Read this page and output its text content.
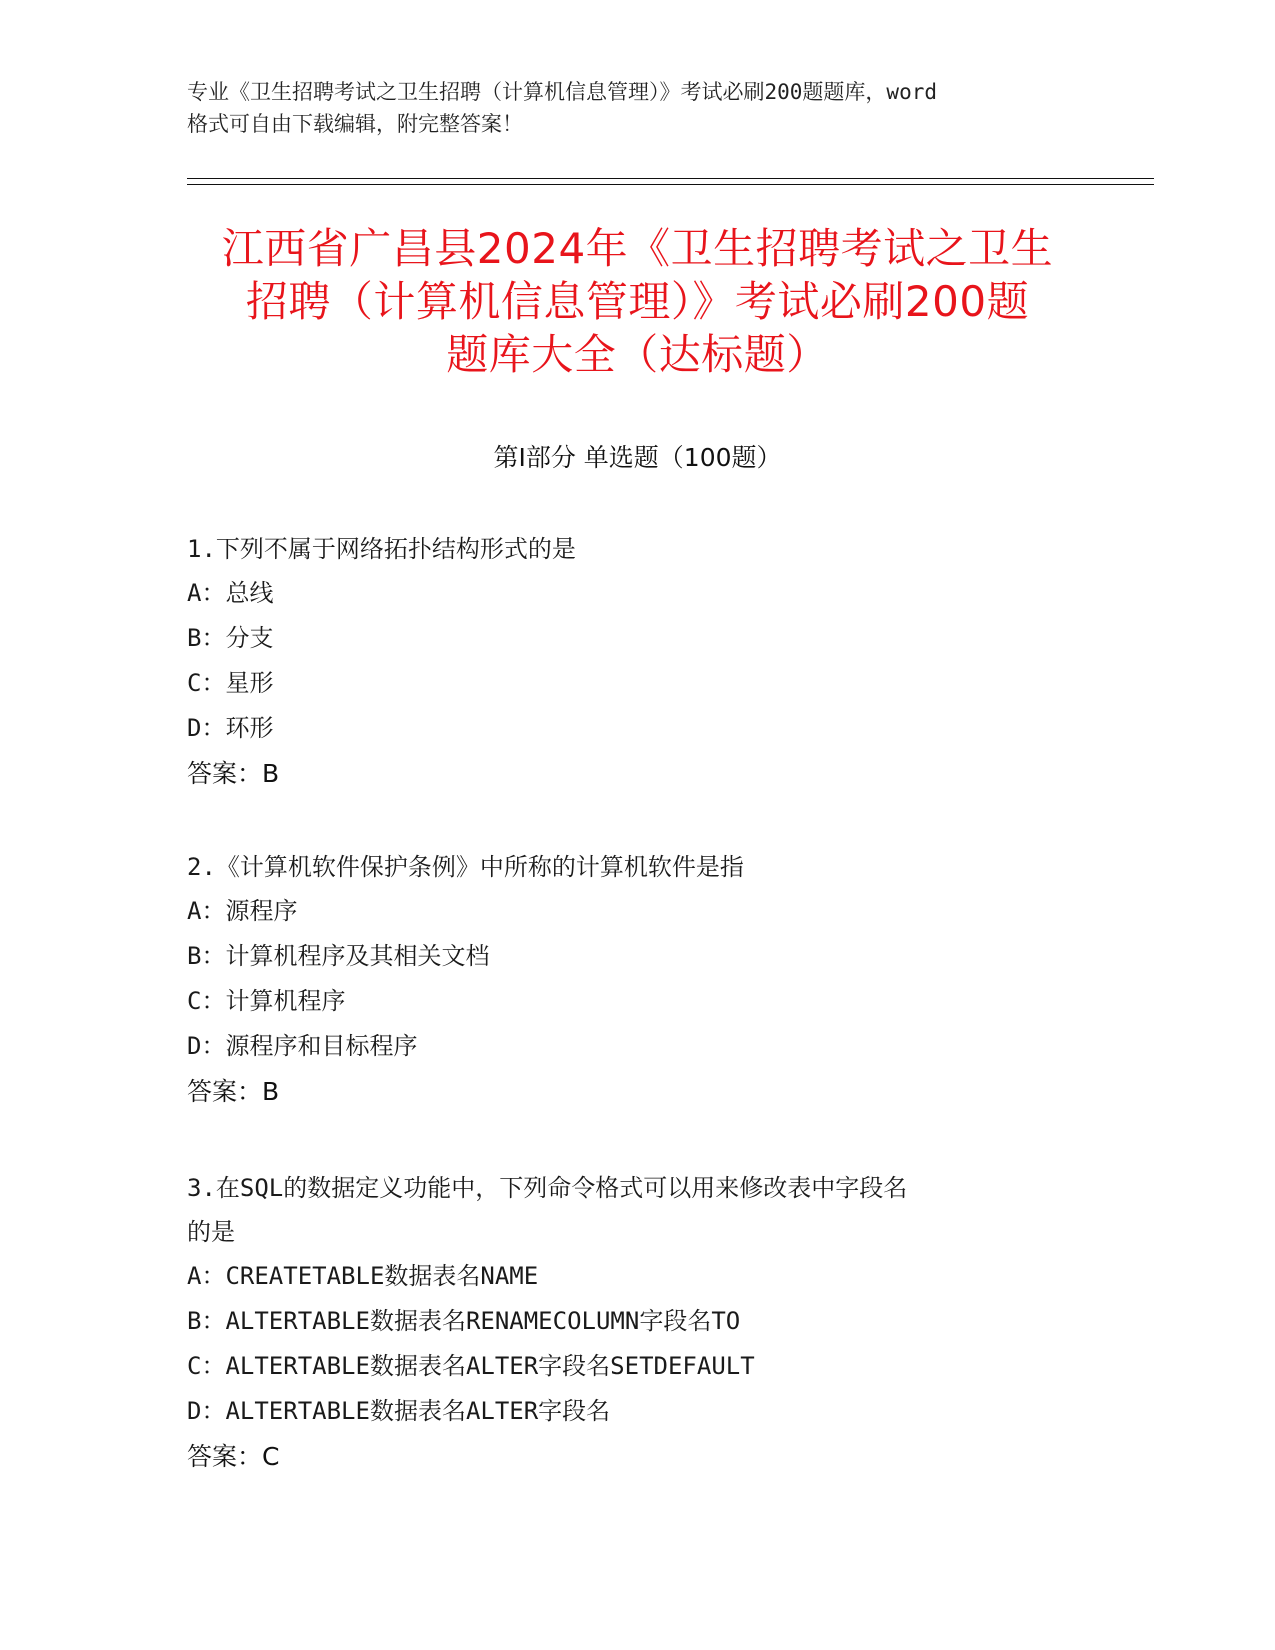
专业《卫生招聘考试之卫生招聘（计算机信息管理）》考试必刷200题题库，word
格式可自由下载编辑，附完整答案！
江西省广昌县2024年《卫生招聘考试之卫生
招聘（计算机信息管理）》考试必刷200题
题库大全（达标题）
第Ⅰ部分 单选题（100题）

1.下列不属于网络拓扑结构形式的是

A：总线

B：分支

C：星形

D：环形

答案：B

2.《计算机软件保护条例》中所称的计算机软件是指

A：源程序

B：计算机程序及其相关文档

C：计算机程序

D：源程序和目标程序

答案：B

3.在SQL的数据定义功能中，下列命令格式可以用来修改表中字段名

的是

A：CREATETABLE数据表名NAME

B：ALTERTABLE数据表名RENAMECOLUMN字段名TO

C：ALTERTABLE数据表名ALTER字段名SETDEFAULT

D：ALTERTABLE数据表名ALTER字段名

答案：C
